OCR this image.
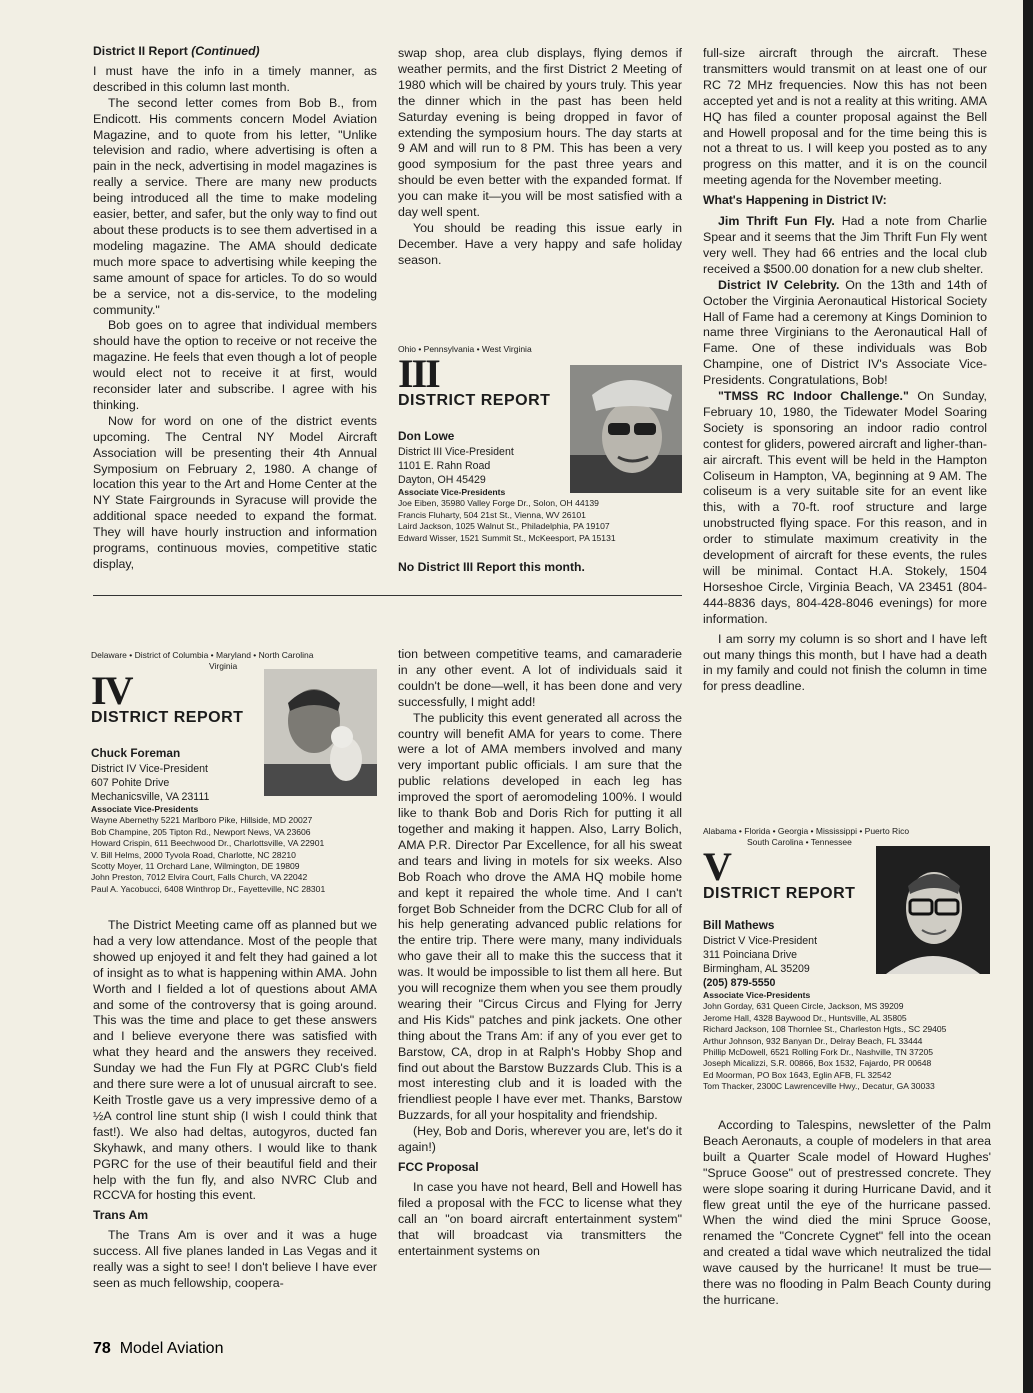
District II Report (Continued)

I must have the info in a timely manner, as described in this column last month.

The second letter comes from Bob B., from Endicott. His comments concern Model Aviation Magazine, and to quote from his letter, "Unlike television and radio, where advertising is often a pain in the neck, advertising in model magazines is really a service. There are many new products being introduced all the time to make modeling easier, better, and safer, but the only way to find out about these products is to see them advertised in a modeling magazine. The AMA should dedicate much more space to advertising while keeping the same amount of space for articles. To do so would be a service, not a dis-service, to the modeling community."

Bob goes on to agree that individual members should have the option to receive or not receive the magazine. He feels that even though a lot of people would elect not to receive it at first, would reconsider later and subscribe. I agree with his thinking.

Now for word on one of the district events upcoming. The Central NY Model Aircraft Association will be presenting their 4th Annual Symposium on February 2, 1980. A change of location this year to the Art and Home Center at the NY State Fairgrounds in Syracuse will provide the additional space needed to expand the format. They will have hourly instruction and information programs, continuous movies, competitive static display,

swap shop, area club displays, flying demos if weather permits, and the first District 2 Meeting of 1980 which will be chaired by yours truly. This year the dinner which in the past has been held Saturday evening is being dropped in favor of extending the symposium hours. The day starts at 9 AM and will run to 8 PM. This has been a very good symposium for the past three years and should be even better with the expanded format. If you can make it—you will be most satisfied with a day well spent.

You should be reading this issue early in December. Have a very happy and safe holiday season.

Ohio • Pennsylvania • West Virginia

III

DISTRICT REPORT

Don Lowe

District III Vice-President

1101 E. Rahn Road

Dayton, OH 45429

Associate Vice-Presidents

Joe Eiben, 35980 Valley Forge Dr., Solon, OH 44139

Francis Fluharty, 504 21st St., Vienna, WV 26101

Laird Jackson, 1025 Walnut St., Philadelphia, PA 19107

Edward Wisser, 1521 Summit St., McKeesport, PA 15131

No District III Report this month.

Delaware • District of Columbia • Maryland • North Carolina

Virginia

IV

DISTRICT REPORT

Chuck Foreman

District IV Vice-President

607 Pohite Drive

Mechanicsville, VA 23111

Associate Vice-Presidents

Wayne Abernethy 5221 Marlboro Pike, Hillside, MD 20027

Bob Champine, 205 Tipton Rd., Newport News, VA 23606

Howard Crispin, 611 Beechwood Dr., Charlottsville, VA 22901

V. Bill Helms, 2000 Tyvola Road, Charlotte, NC 28210

Scotty Moyer, 11 Orchard Lane, Wilmington, DE 19809

John Preston, 7012 Elvira Court, Falls Church, VA 22042

Paul A. Yacobucci, 6408 Winthrop Dr., Fayetteville, NC 28301

The District Meeting came off as planned but we had a very low attendance. Most of the people that showed up enjoyed it and felt they had gained a lot of insight as to what is happening within AMA. John Worth and I fielded a lot of questions about AMA and some of the controversy that is going around. This was the time and place to get these answers and I believe everyone there was satisfied with what they heard and the answers they received. Sunday we had the Fun Fly at PGRC Club's field and there sure were a lot of unusual aircraft to see. Keith Trostle gave us a very impressive demo of a ½A control line stunt ship (I wish I could think that fast!). We also had deltas, autogyros, ducted fan Skyhawk, and many others. I would like to thank PGRC for the use of their beautiful field and their help with the fun fly, and also NVRC Club and RCCVA for hosting this event.

Trans Am

The Trans Am is over and it was a huge success. All five planes landed in Las Vegas and it really was a sight to see! I don't believe I have ever seen as much fellowship, coopera-

tion between competitive teams, and camaraderie in any other event. A lot of individuals said it couldn't be done—well, it has been done and very successfully, I might add!

The publicity this event generated all across the country will benefit AMA for years to come. There were a lot of AMA members involved and many very important public officials. I am sure that the public relations developed in each leg has improved the sport of aeromodeling 100%. I would like to thank Bob and Doris Rich for putting it all together and making it happen. Also, Larry Bolich, AMA P.R. Director Par Excellence, for all his sweat and tears and living in motels for six weeks. Also Bob Roach who drove the AMA HQ mobile home and kept it repaired the whole time. And I can't forget Bob Schneider from the DCRC Club for all of his help generating advanced public relations for the entire trip. There were many, many individuals who gave their all to make this the success that it was. It would be impossible to list them all here. But you will recognize them when you see them proudly wearing their "Circus Circus and Flying for Jerry and His Kids" patches and pink jackets. One other thing about the Trans Am: if any of you ever get to Barstow, CA, drop in at Ralph's Hobby Shop and find out about the Barstow Buzzards Club. This is a most interesting club and it is loaded with the friendliest people I have ever met. Thanks, Barstow Buzzards, for all your hospitality and friendship.

(Hey, Bob and Doris, wherever you are, let's do it again!)

FCC Proposal

In case you have not heard, Bell and Howell has filed a proposal with the FCC to license what they call an "on board aircraft entertainment system" that will broadcast via transmitters the entertainment systems on

full-size aircraft through the aircraft. These transmitters would transmit on at least one of our RC 72 MHz frequencies. Now this has not been accepted yet and is not a reality at this writing. AMA HQ has filed a counter proposal against the Bell and Howell proposal and for the time being this is not a threat to us. I will keep you posted as to any progress on this matter, and it is on the council meeting agenda for the November meeting.

What's Happening in District IV:

Jim Thrift Fun Fly. Had a note from Charlie Spear and it seems that the Jim Thrift Fun Fly went very well. They had 66 entries and the local club received a $500.00 donation for a new club shelter.

District IV Celebrity. On the 13th and 14th of October the Virginia Aeronautical Historical Society Hall of Fame had a ceremony at Kings Dominion to name three Virginians to the Aeronautical Hall of Fame. One of these individuals was Bob Champine, one of District IV's Associate Vice-Presidents. Congratulations, Bob!

"TMSS RC Indoor Challenge." On Sunday, February 10, 1980, the Tidewater Model Soaring Society is sponsoring an indoor radio control contest for gliders, powered aircraft and ligher-than-air aircraft. This event will be held in the Hampton Coliseum in Hampton, VA, beginning at 9 AM. The coliseum is a very suitable site for an event like this, with a 70-ft. roof structure and large unobstructed flying space. For this reason, and in order to stimulate maximum creativity in the development of aircraft for these events, the rules will be minimal. Contact H.A. Stokely, 1504 Horseshoe Circle, Virginia Beach, VA 23451 (804-444-8836 days, 804-428-8046 evenings) for more information.

I am sorry my column is so short and I have left out many things this month, but I have had a death in my family and could not finish the column in time for press deadline.

Alabama • Florida • Georgia • Mississippi • Puerto Rico

South Carolina • Tennessee

V

DISTRICT REPORT

Bill Mathews

District V Vice-President

311 Poinciana Drive

Birmingham, AL 35209

(205) 879-5550

Associate Vice-Presidents

John Gorday, 631 Queen Circle, Jackson, MS 39209

Jerome Hall, 4328 Baywood Dr., Huntsville, AL 35805

Richard Jackson, 108 Thornlee St., Charleston Hgts., SC 29405

Arthur Johnson, 932 Banyan Dr., Delray Beach, FL 33444

Phillip McDowell, 6521 Rolling Fork Dr., Nashville, TN 37205

Joseph Micalizzi, S.R. 00866, Box 1532, Fajardo, PR 00648

Ed Moorman, PO Box 1643, Eglin AFB, FL 32542

Tom Thacker, 2300C Lawrenceville Hwy., Decatur, GA 30033

According to Talespins, newsletter of the Palm Beach Aeronauts, a couple of modelers in that area built a Quarter Scale model of Howard Hughes' "Spruce Goose" out of prestressed concrete. They were slope soaring it during Hurricane David, and it flew great until the eye of the hurricane passed. When the wind died the mini Spruce Goose, renamed the "Concrete Cygnet" fell into the ocean and created a tidal wave which neutralized the tidal wave caused by the hurricane! It must be true—there was no flooding in Palm Beach County during the hurricane.

78 Model Aviation
